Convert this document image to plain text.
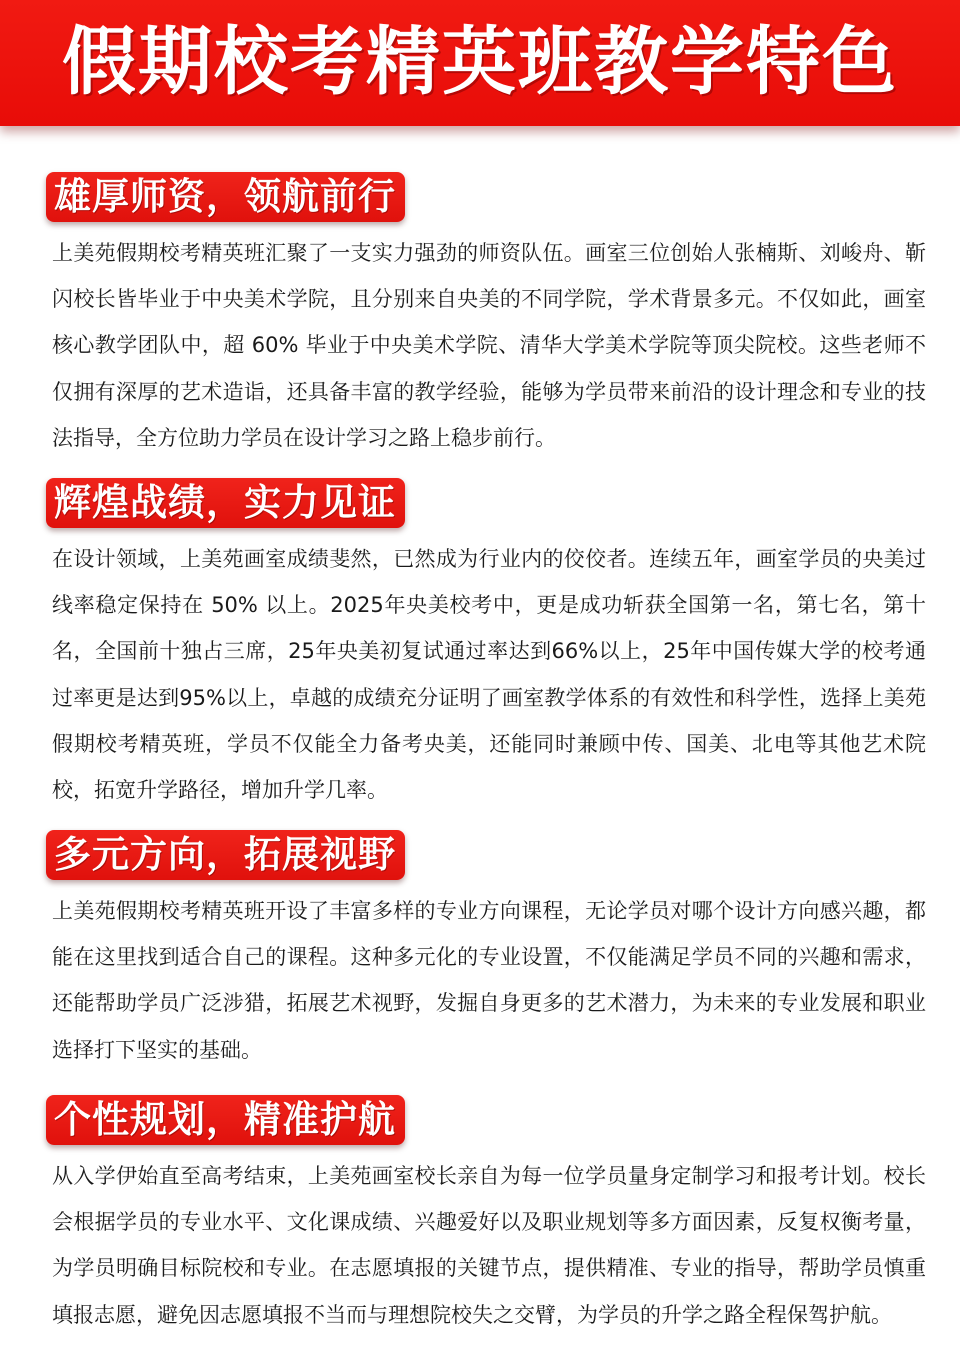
假期校考精英班教学特色
雄厚师资，领航前行
上美苑假期校考精英班汇聚了一支实力强劲的师资队伍。画室三位创始人张楠斯、刘峻舟、靳闪校长皆毕业于中央美术学院，且分别来自央美的不同学院，学术背景多元。不仅如此，画室核心教学团队中，超 60% 毕业于中央美术学院、清华大学美术学院等顶尖院校。这些老师不仅拥有深厚的艺术造诣，还具备丰富的教学经验，能够为学员带来前沿的设计理念和专业的技法指导，全方位助力学员在设计学习之路上稳步前行。
辉煌战绩，实力见证
在设计领域，上美苑画室成绩斐然，已然成为行业内的佼佼者。连续五年，画室学员的央美过线率稳定保持在 50% 以上。2025年央美校考中，更是成功斩获全国第一名，第七名，第十名，全国前十独占三席，25年央美初复试通过率达到66%以上，25年中国传媒大学的校考通过率更是达到95%以上，卓越的成绩充分证明了画室教学体系的有效性和科学性，选择上美苑假期校考精英班，学员不仅能全力备考央美，还能同时兼顾中传、国美、北电等其他艺术院校，拓宽升学路径，增加升学几率。
多元方向，拓展视野
上美苑假期校考精英班开设了丰富多样的专业方向课程，无论学员对哪个设计方向感兴趣，都能在这里找到适合自己的课程。这种多元化的专业设置，不仅能满足学员不同的兴趣和需求，还能帮助学员广泛涉猎，拓展艺术视野，发掘自身更多的艺术潜力，为未来的专业发展和职业选择打下坚实的基础。
个性规划，精准护航
从入学伊始直至高考结束，上美苑画室校长亲自为每一位学员量身定制学习和报考计划。校长会根据学员的专业水平、文化课成绩、兴趣爱好以及职业规划等多方面因素，反复权衡考量，为学员明确目标院校和专业。在志愿填报的关键节点，提供精准、专业的指导，帮助学员慎重填报志愿，避免因志愿填报不当而与理想院校失之交臂，为学员的升学之路全程保驾护航。
